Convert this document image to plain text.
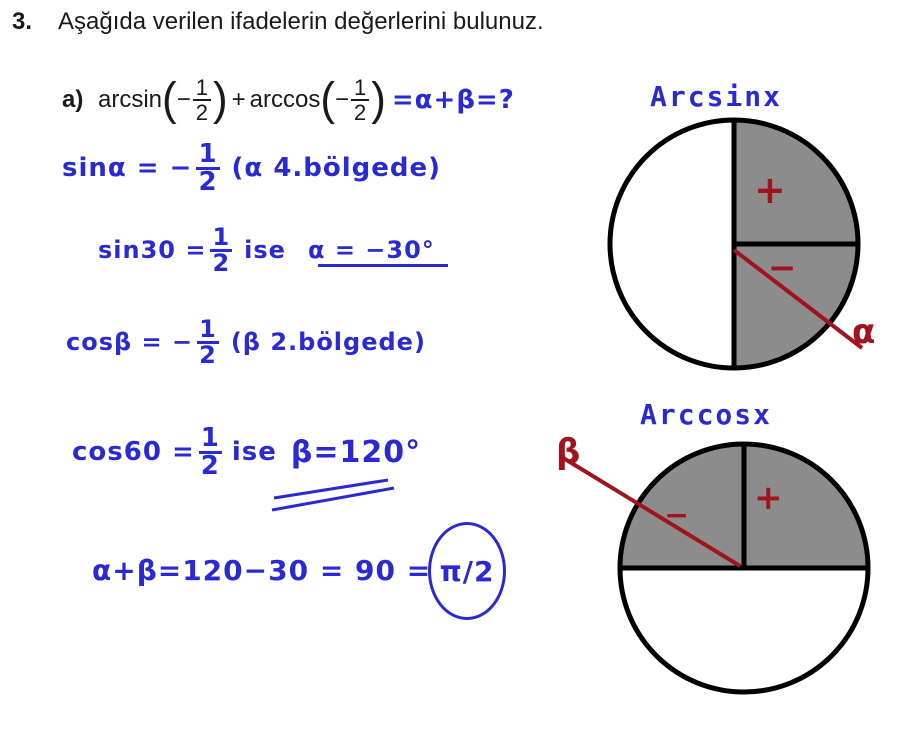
3. Aşağıda verilen ifadelerin değerlerini bulunuz.
a) arcsin ( − $\frac{1}{2}$ ) + arccos ( − $\frac{1}{2}$ ) =α+β=?
sinα = − $\frac{1}{2} (\alpha$ 4.bölgede)
$\sin 30 = \frac{1}{2}$ ise α = −30°
cosβ = − $\frac{1}{2} (\beta$ 2.bölgede)
$\cos 60 = \frac{1}{2}$ ise β=120°
α+β=120−30 = 90 = π/2
Arcsinx
+
−
α
Arccosx
+
−
β
